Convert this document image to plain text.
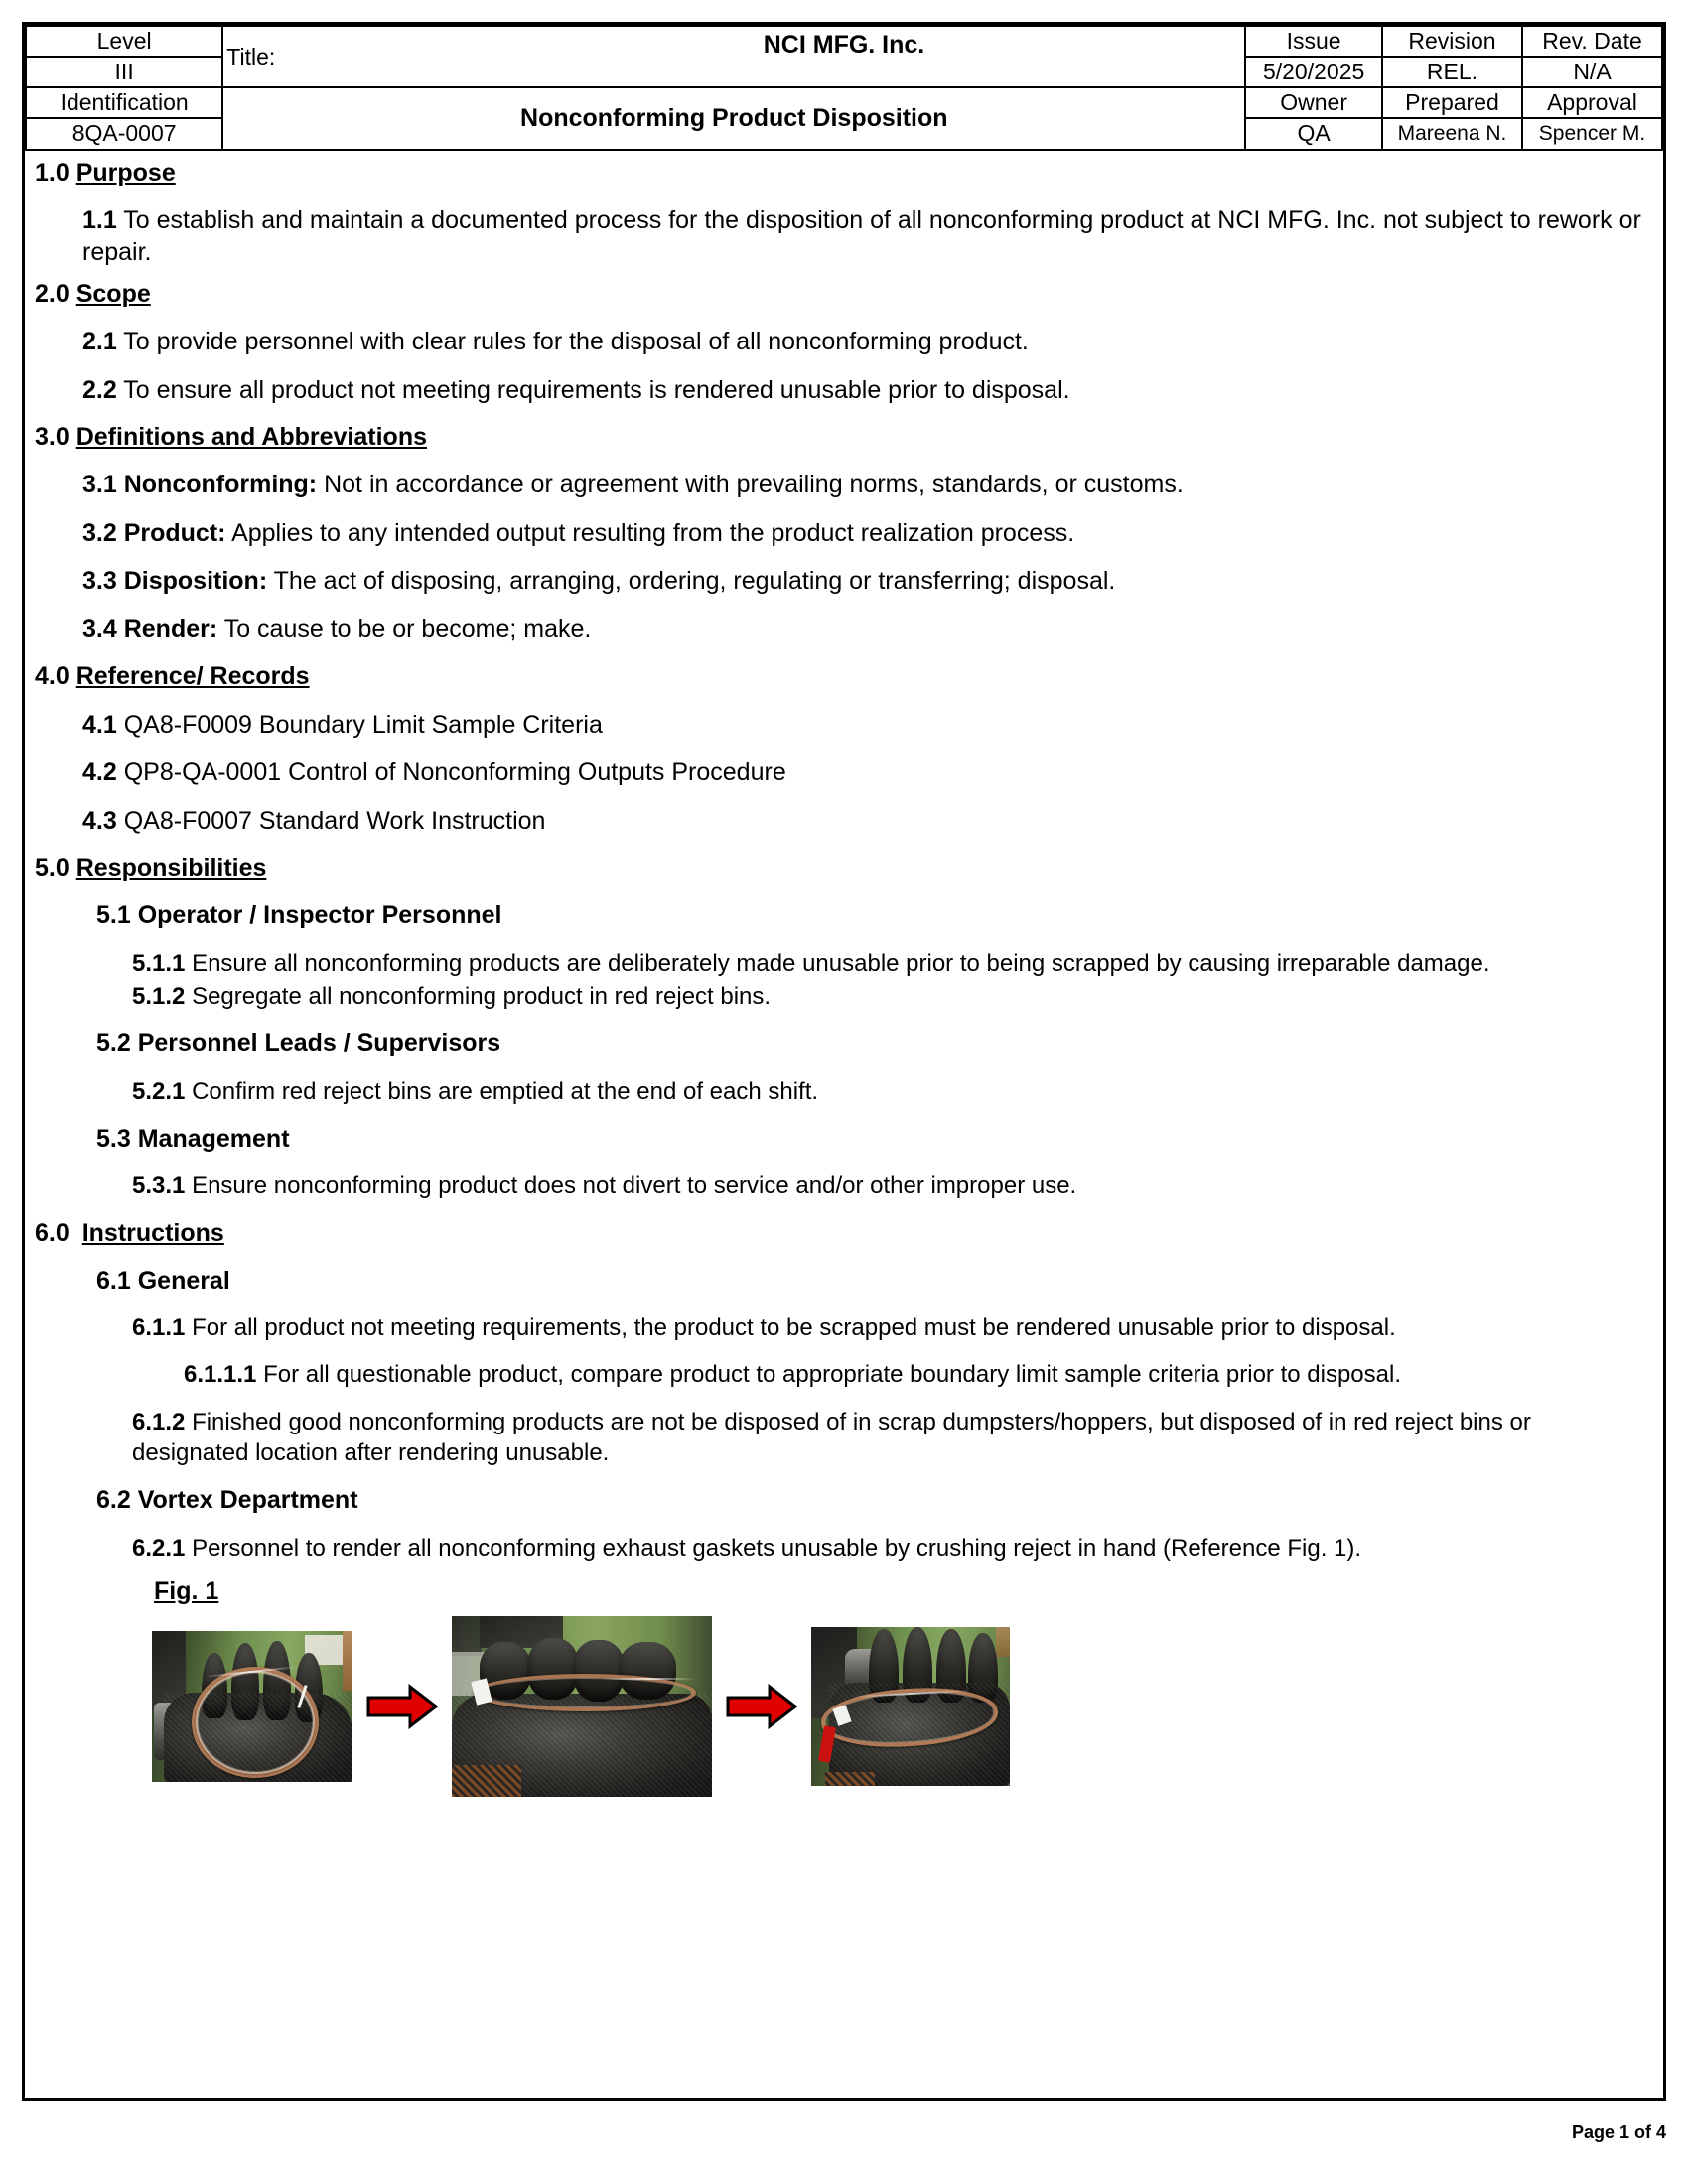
Level	Title: NCI MFG. Inc.	Issue	Revision	Rev. Date
III		5/20/2025	REL.	N/A
Identification	Nonconforming Product Disposition	Owner	Prepared	Approval
8QA-0007		QA	Mareena N.	Spencer M.
1.0 Purpose
1.1 To establish and maintain a documented process for the disposition of all nonconforming product at NCI MFG. Inc. not subject to rework or repair.
2.0 Scope
2.1 To provide personnel with clear rules for the disposal of all nonconforming product.
2.2 To ensure all product not meeting requirements is rendered unusable prior to disposal.
3.0 Definitions and Abbreviations
3.1 Nonconforming: Not in accordance or agreement with prevailing norms, standards, or customs.
3.2 Product: Applies to any intended output resulting from the product realization process.
3.3 Disposition: The act of disposing, arranging, ordering, regulating or transferring; disposal.
3.4 Render: To cause to be or become; make.
4.0 Reference/ Records
4.1 QA8-F0009 Boundary Limit Sample Criteria
4.2 QP8-QA-0001 Control of Nonconforming Outputs Procedure
4.3 QA8-F0007 Standard Work Instruction
5.0 Responsibilities
5.1 Operator / Inspector Personnel
5.1.1 Ensure all nonconforming products are deliberately made unusable prior to being scrapped by causing irreparable damage.
5.1.2 Segregate all nonconforming product in red reject bins.
5.2 Personnel Leads / Supervisors
5.2.1 Confirm red reject bins are emptied at the end of each shift.
5.3 Management
5.3.1 Ensure nonconforming product does not divert to service and/or other improper use.
6.0 Instructions
6.1 General
6.1.1 For all product not meeting requirements, the product to be scrapped must be rendered unusable prior to disposal.
6.1.1.1 For all questionable product, compare product to appropriate boundary limit sample criteria prior to disposal.
6.1.2 Finished good nonconforming products are not be disposed of in scrap dumpsters/hoppers, but disposed of in red reject bins or designated location after rendering unusable.
6.2 Vortex Department
6.2.1 Personnel to render all nonconforming exhaust gaskets unusable by crushing reject in hand (Reference Fig. 1).
Fig. 1
Page 1 of 4
